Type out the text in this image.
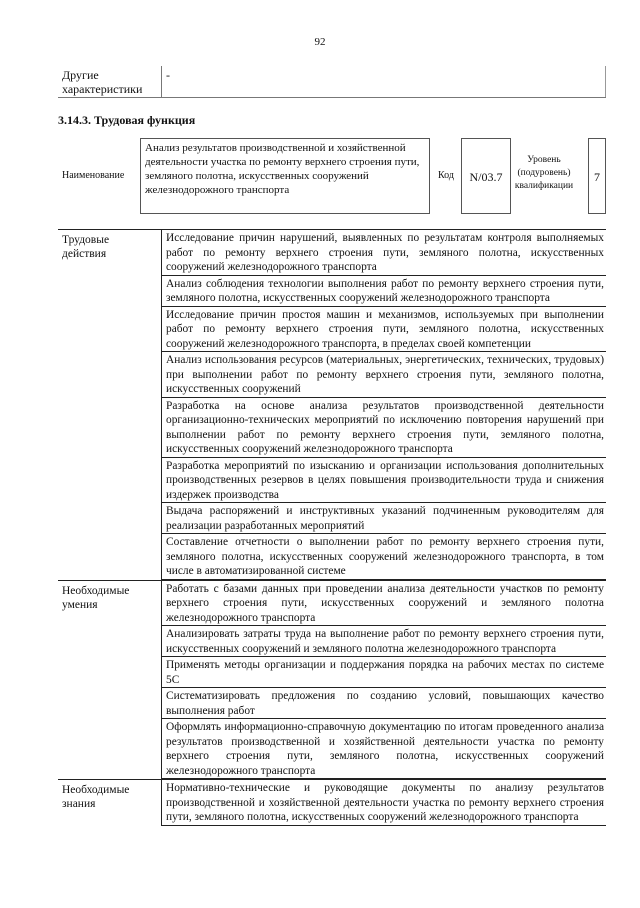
92
Другие характеристики
-
3.14.3. Трудовая функция
Наименование
Анализ результатов производственной и хозяйственной деятельности участка по ремонту верхнего строения пути, земляного полотна, искусственных сооружений железнодорожного транспорта
Код	N/03.7
Уровень (подуровень) квалификации
7
Трудовые действия
Исследование причин нарушений, выявленных по результатам контроля выполняемых работ по ремонту верхнего строения пути, земляного полотна, искусственных сооружений железнодорожного транспорта
Анализ соблюдения технологии выполнения работ по ремонту верхнего строения пути, земляного полотна, искусственных сооружений железнодорожного транспорта
Исследование причин простоя машин и механизмов, используемых при выполнении работ по ремонту верхнего строения пути, земляного полотна, искусственных сооружений железнодорожного транспорта, в пределах своей компетенции
Анализ использования ресурсов (материальных, энергетических, технических, трудовых) при выполнении работ по ремонту верхнего строения пути, земляного полотна, искусственных сооружений
Разработка на основе анализа результатов производственной деятельности организационно-технических мероприятий по исключению повторения нарушений при выполнении работ по ремонту верхнего строения пути, земляного полотна, искусственных сооружений железнодорожного транспорта
Разработка мероприятий по изысканию и организации использования дополнительных производственных резервов в целях повышения производительности труда и снижения издержек производства
Выдача распоряжений и инструктивных указаний подчиненным руководителям для реализации разработанных мероприятий
Составление отчетности о выполнении работ по ремонту верхнего строения пути, земляного полотна, искусственных сооружений железнодорожного транспорта, в том числе в автоматизированной системе
Необходимые умения
Работать с базами данных при проведении анализа деятельности участков по ремонту верхнего строения пути, искусственных сооружений и земляного полотна железнодорожного транспорта
Анализировать затраты труда на выполнение работ по ремонту верхнего строения пути, искусственных сооружений и земляного полотна железнодорожного транспорта
Применять методы организации и поддержания порядка на рабочих местах по системе 5С
Систематизировать предложения по созданию условий, повышающих качество выполнения работ
Оформлять информационно-справочную документацию по итогам проведенного анализа результатов производственной и хозяйственной деятельности участка по ремонту верхнего строения пути, земляного полотна, искусственных сооружений железнодорожного транспорта
Необходимые знания
Нормативно-технические и руководящие документы по анализу результатов производственной и хозяйственной деятельности участка по ремонту верхнего строения пути, земляного полотна, искусственных сооружений железнодорожного транспорта
